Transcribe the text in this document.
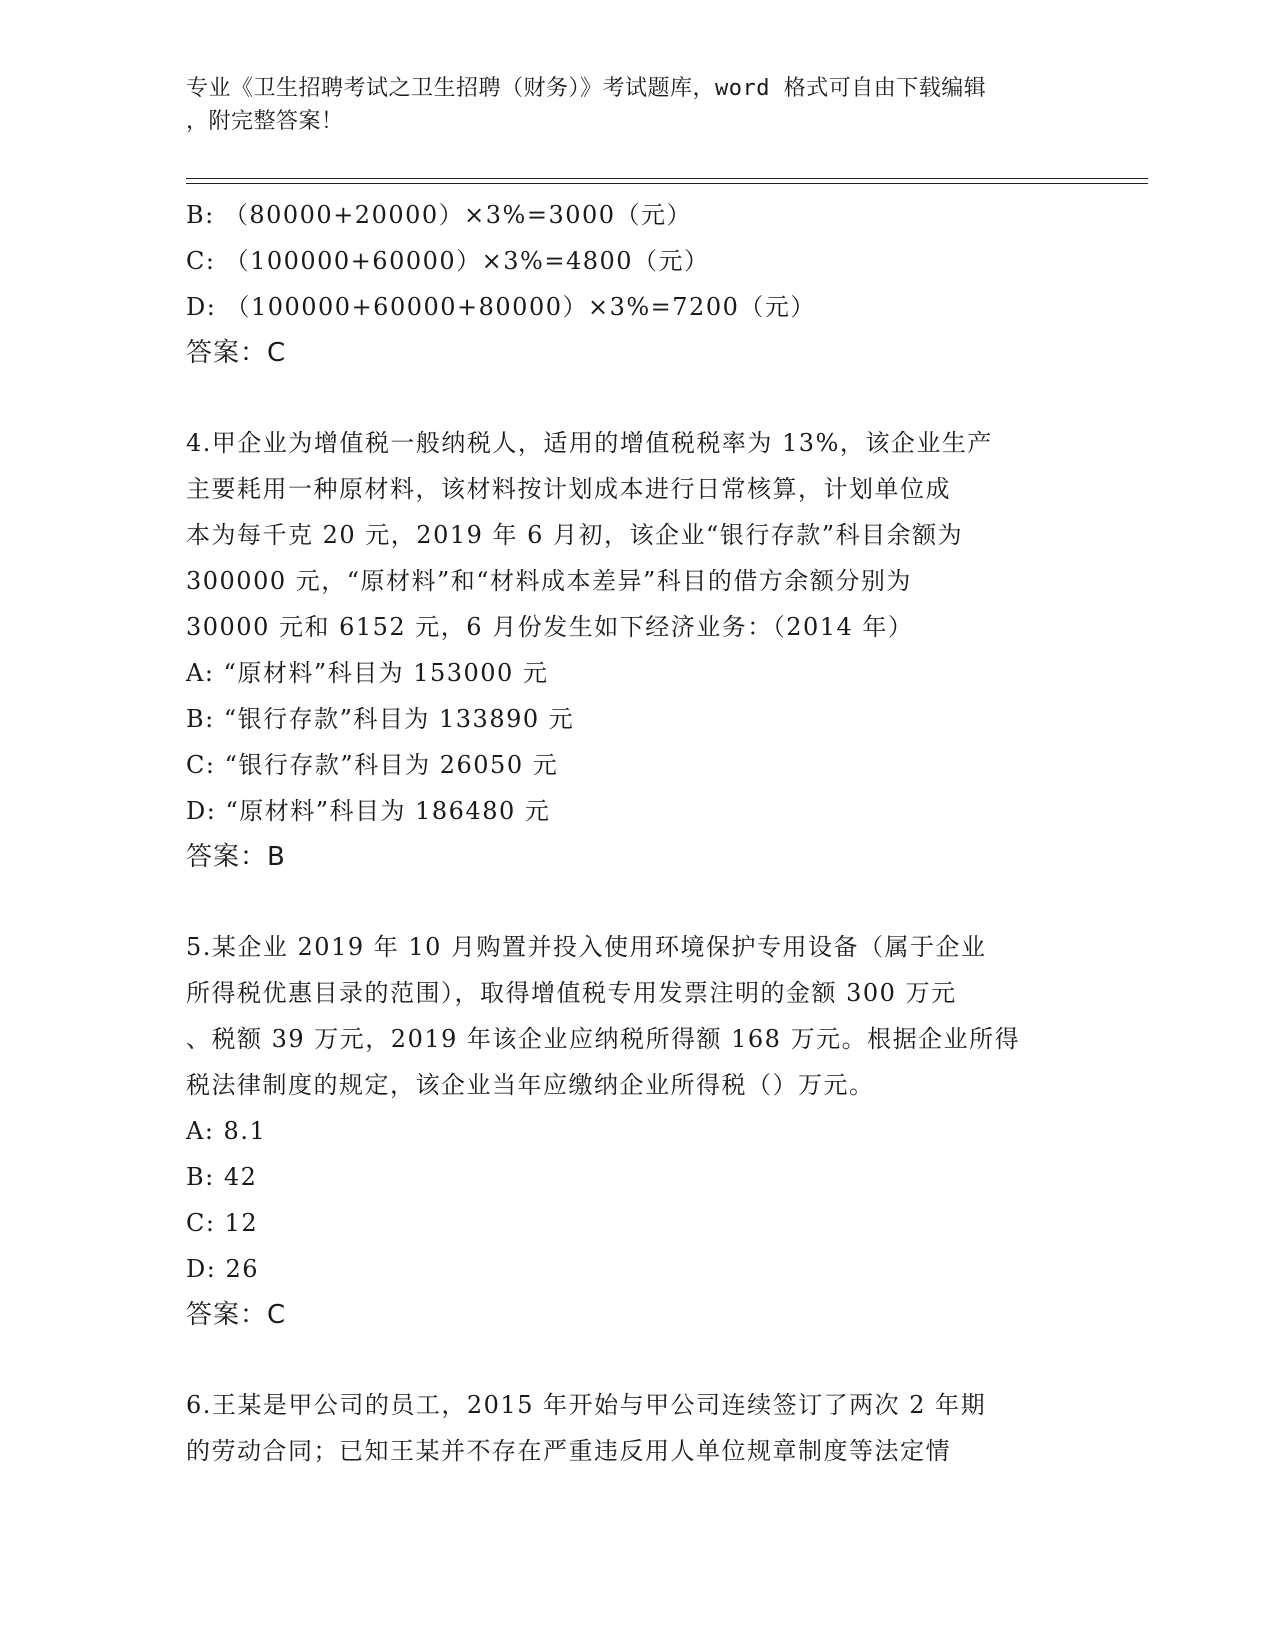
专业《卫生招聘考试之卫生招聘（财务）》考试题库，word 格式可自由下载编辑
，附完整答案！
B: （80000+20000）×3%=3000（元）
C: （100000+60000）×3%=4800（元）
D: （100000+60000+80000）×3%=7200（元）
答案：C
4.甲企业为增值税一般纳税人，适用的增值税税率为 13%，该企业生产
主要耗用一种原材料，该材料按计划成本进行日常核算，计划单位成
本为每千克 20 元，2019 年 6 月初，该企业“银行存款”科目余额为
300000 元，“原材料”和“材料成本差异”科目的借方余额分别为
30000 元和 6152 元，6 月份发生如下经济业务：（2014 年）
A: “原材料”科目为 153000 元
B: “银行存款”科目为 133890 元
C: “银行存款”科目为 26050 元
D: “原材料”科目为 186480 元
答案：B
5.某企业 2019 年 10 月购置并投入使用环境保护专用设备（属于企业
所得税优惠目录的范围），取得增值税专用发票注明的金额 300 万元
、税额 39 万元，2019 年该企业应纳税所得额 168 万元。根据企业所得
税法律制度的规定，该企业当年应缴纳企业所得税（）万元。
A: 8.1
B: 42
C: 12
D: 26
答案：C
6.王某是甲公司的员工，2015 年开始与甲公司连续签订了两次 2 年期
的劳动合同；已知王某并不存在严重违反用人单位规章制度等法定情
